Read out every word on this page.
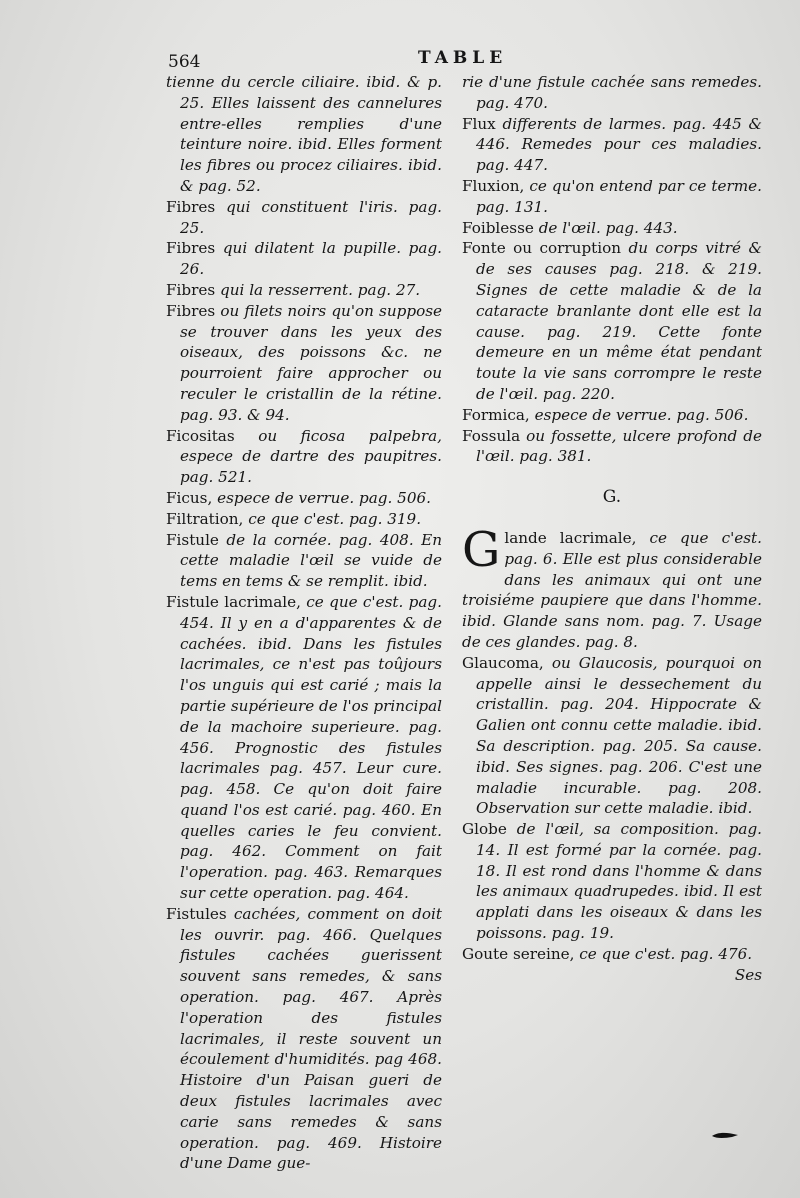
564	TABLE

tienne du cercle ciliaire. ibid. & p. 25. Elles laissent des cannelures entre-elles remplies d'une teinture noire. ibid. Elles forment les fibres ou procez ciliaires. ibid. & pag. 52.

Fibres qui constituent l'iris. pag. 25.

Fibres qui dilatent la pupille. pag. 26.

Fibres qui la resserrent. pag. 27.

Fibres ou filets noirs qu'on suppose se trouver dans les yeux des oiseaux, des poissons &c. ne pourroient faire approcher ou reculer le cristallin de la rétine. pag. 93. & 94.

Ficositas ou ficosa palpebra, espece de dartre des paupitres. pag. 521.

Ficus, espece de verrue. pag. 506.

Filtration, ce que c'est. pag. 319.

Fistule de la cornée. pag. 408. En cette maladie l'œil se vuide de tems en tems & se remplit. ibid.

Fistule lacrimale, ce que c'est. pag. 454. Il y en a d'apparentes & de cachées. ibid. Dans les fistules lacrimales, ce n'est pas toûjours l'os unguis qui est carié ; mais la partie supérieure de l'os principal de la machoire superieure. pag. 456. Prognostic des fistules lacrimales pag. 457. Leur cure. pag. 458. Ce qu'on doit faire quand l'os est carié. pag. 460. En quelles caries le feu convient. pag. 462. Comment on fait l'operation. pag. 463. Remarques sur cette operation. pag. 464.

Fistules cachées, comment on doit les ouvrir. pag. 466. Quelques fistules cachées guerissent souvent sans remedes, & sans operation. pag. 467. Après l'operation des fistules lacrimales, il reste souvent un écoulement d'humidités. pag 468. Histoire d'un Paisan gueri de deux fistules lacrimales avec carie sans remedes & sans operation. pag. 469. Histoire d'une Dame gue-

rie d'une fistule cachée sans remedes. pag. 470.

Flux differents de larmes. pag. 445 & 446. Remedes pour ces maladies. pag. 447.

Fluxion, ce qu'on entend par ce terme. pag. 131.

Foiblesse de l'œil. pag. 443.

Fonte ou corruption du corps vitré & de ses causes pag. 218. & 219. Signes de cette maladie & de la cataracte branlante dont elle est la cause. pag. 219. Cette fonte demeure en un même état pendant toute la vie sans corrompre le reste de l'œil. pag. 220.

Formica, espece de verrue. pag. 506.

Fossula ou fossette, ulcere profond de l'œil. pag. 381.

G.

Glande lacrimale, ce que c'est. pag. 6. Elle est plus considerable dans les animaux qui ont une troisiéme paupiere que dans l'homme. ibid. Glande sans nom. pag. 7. Usage de ces glandes. pag. 8.

Glaucoma, ou Glaucosis, pourquoi on appelle ainsi le dessechement du cristallin. pag. 204. Hippocrate & Galien ont connu cette maladie. ibid. Sa description. pag. 205. Sa cause. ibid. Ses signes. pag. 206. C'est une maladie incurable. pag. 208. Observation sur cette maladie. ibid.

Globe de l'œil, sa composition. pag. 14. Il est formé par la cornée. pag. 18. Il est rond dans l'homme & dans les animaux quadrupedes. ibid. Il est applati dans les oiseaux & dans les poissons. pag. 19.

Goute sereine, ce que c'est. pag. 476.

Ses
